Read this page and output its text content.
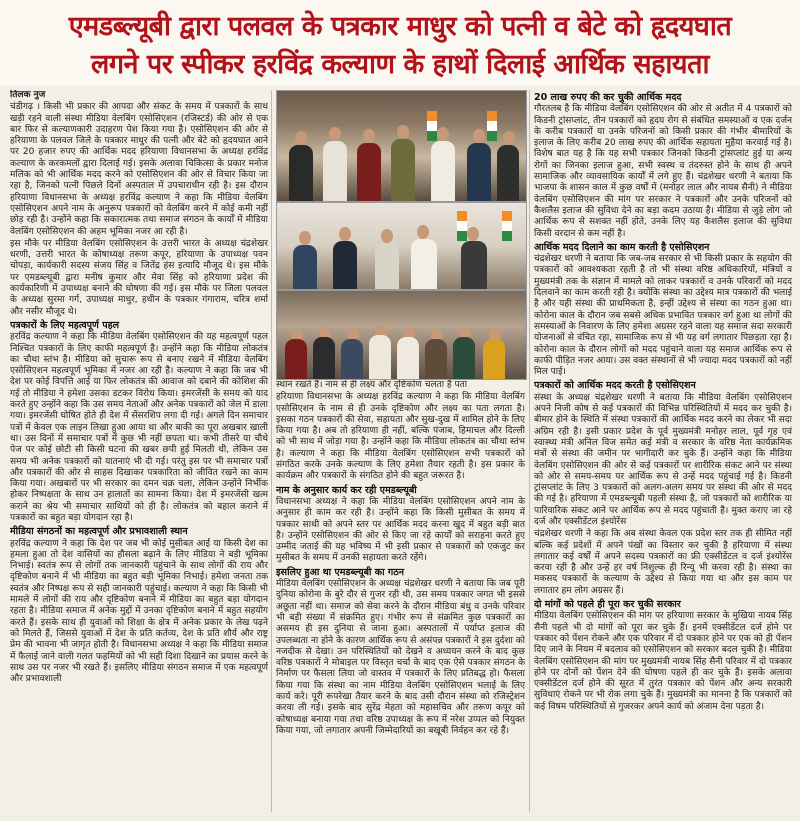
एमडब्ल्यूबी द्वारा पलवल के पत्रकार माधुर को पत्नी व बेटे को हृदयघात
लगने पर स्पीकर हरविंद्र कल्याण के हाथों दिलाई आर्थिक सहायता

तिलक नुज

चंडीगढ़ । किसी भी प्रकार की आपदा और संकट के समय में पत्रकारों के साथ खड़ी रहने वाली संस्था मीडिया वेलबिंग एसोसिएशन (रजिस्टर्ड) की ओर से एक बार फिर से कल्याणकारी उदाहरण पेश किया गया है। एसोसिएशन की ओर से हरियाणा के पलवल जिले के पत्रकार माधुर की पत्नी और बेटे को हृदयघात आने पर 20 हजार रुपए की आर्थिक मदद हरियाणा विधानसभा के अध्यक्ष हरविंद्र कल्याण के करकमलों द्वारा दिलाई गई। इसके अलावा चिकित्सा के प्रकार मनोज मलिक को भी आर्थिक मदद करने को एसोसिएशन की ओर से विचार किया जा रहा है, जिनको पत्नी पिछले दिनों अस्पताल में उपचाराधीन रही है। इस दौरान हरियाणा विधानसभा के अध्यक्ष हरविंद्र कल्याण ने कहा कि मीडिया वेलबिंग एसोसिएशन अपने नाम के अनुरूप पत्रकारों को वेलबिंग करने में कोई कमी नहीं छोड़ रही है। उन्होंने कहा कि सकारात्मक तथा समाज संगठन के कार्यों में मीडिया वेलबिंग एसोसिएशन की अहम भूमिका नजर आ रही है।

इस मौके पर मीडिया वेलबिंग एसोसिएशन के उत्तरी भारत के अध्यक्ष चंद्रशेखर धरणी, उत्तरी भारत के कोषाध्यक्ष तरूण कपूर, हरियाणा के उपाध्यक्ष पवन चोपड़ा, कार्यकारी सदस्य संजय सिंह व जितेंद्र हंस इत्यादि मौजूद थे। इस मौके पर एमडब्ल्यूबी द्वारा मनीष कुमार और मेवा सिंह को हरियाणा प्रदेश की कार्यकारिणी में उपाध्यक्ष बनाने की घोषणा की गई। इस मौके पर जिला पलवल के अध्यक्ष सुरमा गर्ग, उपाध्यक्ष माधुर, हथीन के पत्रकार गंगाराम, चरित्र शर्मा और नसीर मौजूद थे।

पत्रकारों के लिए महत्वपूर्ण पहल

हरविंद्र कल्याण ने कहा कि मीडिया वेलबिंग एसोसिएशन की यह महत्वपूर्ण पहल निश्चित पत्रकारों के लिए काफी महत्वपूर्ण है। उन्होंने कहा कि मीडिया लोकतंत्र का चौथा स्तंभ है। मीडिया को सुचारू रूप से बनाए रखने में मीडिया वेलबिंग एसोसिएशन महत्वपूर्ण भूमिका में नजर आ रही है। कल्याण ने कहा कि जब भी देश पर कोई विपत्ति आई या फिर लोकतंत्र की आवाज को दबाने की कोशिश की गई तो मीडिया ने हमेशा उसका डटकर विरोध किया। इमरजेंसी के समय को याद करते हुए उन्होंने कहा कि उस समय नेताओं और अनेक पत्रकारों को जेल में डाला गया। इमरजेंसी घोषित होते ही देश में सेंसरशिप लगा दी गई। अगले दिन समाचार पत्रों में केवल एक लाइन लिखा हुआ आया था और बाकी का पूरा अखबार खाली था। उस दिनों में समाचार पत्रों में कुछ भी नहीं छपता था। कभी तीसरे या चौथे पेज पर कोई छोटी सी किसी घटना की खबर छपी हुई मिलती थी, लेकिन उस समय भी अनेक पत्रकारों को यातनाएं भी दी गई। परंतु इस पर भी समाचार पत्रों और पत्रकारों की ओर से साहस दिखाकर पत्रकारिता को जीवित रखने का काम किया गया। अखबारों पर भी सरकार का दमन चक्र चला, लेकिन उन्होंने निर्भीक होकर निष्पक्षता के साथ उन हालातों का सामना किया। देश में इमरजेंसी खत्म कराने का श्रेय भी समाचार साथियों को ही है। लोकतंत्र को बहाल कराने में पत्रकारों का बहुत बड़ा योगदान रहा है।

मीडिया संगठनों का महत्वपूर्ण और प्रभावशाली स्थान

हरविंद्र कल्याण ने कहा कि देश पर जब भी कोई मुसीबत आई या किसी देश का हमला हुआ तो देश वासियों का हौसला बढ़ाने के लिए मीडिया ने बड़ी भूमिका निभाई। स्वतंत्र रूप से लोगों तक जानकारी पहुंचाने के साथ लोगों की राय और दृष्टिकोण बनाने में भी मीडिया का बहुत बड़ी भूमिका निभाई। हमेशा जनता तक स्वतंत्र और निष्पक्ष रूप से सही जानकारी पहुंचाई। कल्याण ने कहा कि किसी भी मामले में लोगों की राय और दृष्टिकोण बनाने में मीडिया का बहुत बड़ा योगदान रहता है। मीडिया समाज में अनेक मुद्दों में उनका दृष्टिकोण बनाने में बहुत सहयोग करते हैं। इसके साथ ही युवाओं को शिक्षा के क्षेत्र में अनेक प्रकार के लेख पढ़ने को मिलते हैं, जिससे युवाओं में देश के प्रति कर्तव्य, देश के प्रति शौर्य और राष्ट्र प्रेम की भावना भी जागृत होती है। विधानसभा अध्यक्ष ने कहा कि मीडिया समाज में फैलाई जाने वाली गलत फहमियों को भी सही दिशा दिखाने का प्रयास करने के साथ उस पर नजर भी रखते हैं। इसलिए मीडिया संगठन समाज में एक महत्वपूर्ण और प्रभावशाली

स्थान रखते हैं। नाम से ही लक्ष्य और दृष्टिकोण चलता है पता

हरियाणा विधानसभा के अध्यक्ष हरविंद्र कल्याण ने कहा कि मीडिया वेलबिंग एसोसिएशन के नाम से ही उनके दृष्टिकोण और लक्ष्य का पता लगता है। इसका गठन पत्रकारों की सेवा, सहायता और सुख-दुख में शामिल होने के लिए किया गया है। अब तो हरियाणा ही नहीं, बल्कि पंजाब, हिमाचल और दिल्ली को भी साथ में जोड़ा गया है। उन्होंने कहा कि मीडिया लोकतंत्र का चौथा स्तंभ है। कल्याण ने कहा कि मीडिया वेलबिंग एसोसिएशन सभी पत्रकारों को संगठित करके उनके कल्याण के लिए हमेशा तैयार रहती है। इस प्रकार के कार्यक्रम और पत्रकारों के संगठित होने की बहुत जरूरत है।

नाम के अनुसार कार्य कर रही एमडब्ल्यूबी

विधानसभा अध्यक्ष ने कहा कि मीडिया वेलबिंग एसोसिएशन अपने नाम के अनुसार ही काम कर रही है। उन्होंने कहा कि किसी मुसीबत के समय में पत्रकार साथी को अपने स्तर पर आर्थिक मदद करना खुद में बहुत बड़ी बात है। उन्होंने एसोसिएशन की ओर से किए जा रहे कार्यों को सराहना करते हुए उम्मीद जताई की यह भविष्य में भी इसी प्रकार से पत्रकारों को एकजुट कर मुसीबत के समय में उनकी सहायता करते रहेंगे।

इसलिए हुआ था एमडब्ल्यूबी का गठन

मीडिया वेलबिंग एसोसिएशन के अध्यक्ष चंद्रशेखर धरणी ने बताया कि जब पूरी दुनिया कोरोना के बुरे दौर से गुजर रही थी, उस समय पत्रकार जगत भी इससे अछूता नहीं था। समाज को सेवा करने के दौरान मीडिया बंधु व उनके परिवार भी बड़ी संख्या में संक्रमित हुए। गंभीर रूप से संक्रमित कुछ पत्रकारों का असमय ही इस दुनिया से जाना हुआ। अस्पतालों में पर्याप्त इलाज की उपलब्धता ना होने के कारण आर्थिक रूप से असंपन्न पत्रकारों ने इस दुर्दशा को नजदीक से देखा। उन परिस्थितियों को देखने व अध्ययन करने के बाद कुछ वरिष्ठ पत्रकारों ने मोबाइल पर विस्तृत चर्चा के बाद एक ऐसे पत्रकार संगठन के निर्माण पर फैसला लिया जो वास्तव में पत्रकारों के लिए प्रतिबद्ध हो। फैसला किया गया कि संस्था का नाम मीडिया वेलबिंग एसोसिएशन भलाई के लिए कार्य करे। पूरी रूपरेखा तैयार करने के बाद उसी दौरान संस्था को रजिस्ट्रेशन करवा ली गई। इसके बाद सुरेंद्र मेहता को महासचिव और तरूण कपूर को कोषाध्यक्ष बनाया गया तथा वरिष्ठ उपाध्यक्ष के रूप में नरेश उप्पल को नियुक्त किया गया, जो लगातार अपनी जिम्मेदारियों का बखूबी निर्वहन कर रहे हैं।

20 लाख रुपए की कर चुकी आर्थिक मदद

गौरतलब है कि मीडिया वेलबिंग एसोसिएशन की ओर से अतीत में 4 पत्रकारों को किडनी ट्रांसप्लांट, तीन पत्रकारों को हृदय रोग से संबंधित समस्याओं व एक दर्जन के करीब पत्रकारों या उनके परिजनों को किसी प्रकार की गंभीर बीमारियों के इलाज के लिए करीब 20 लाख रुपए की आर्थिक सहायता मुहैया करवाई गई है। विशेष बात यह है कि यह सभी पत्रकार जिनको किडनी ट्रांसप्लांट हुई या अन्य रोगों का जिनका इलाज हुआ, सभी स्वस्थ व तंदरुस्त होने के साथ ही अपने सामाजिक और व्यावसायिक कार्यों में लगे हुए हैं। चंद्रशेखर धरणी ने बताया कि भाजपा के शासन काल में कुछ वर्षों में (मनोहर लाल और नायब सैनी) ने मीडिया वेलबिंग एसोसिएशन की मांग पर सरकार ने पत्रकारों और उनके परिजनों को कैशलैस इलाज की सुविधा देने का बड़ा कदम उठाया है। मीडिया से जुड़े लोग जो आर्थिक रूप से सशक्त नहीं होते, उनके लिए यह कैशलैस इलाज की सुविधा किसी वरदान से कम नहीं है।

आर्थिक मदद दिलाने का काम करती है एसोसिएशन

चंद्रशेखर धरणी ने बताया कि जब-जब सरकार से भी किसी प्रकार के सहयोग की पत्रकारों को आवश्यकता रहती है तो भी संस्था वरिष्ठ अधिकारियों, मंत्रियों व मुख्यमंत्री तक के संज्ञान में मामले को लाकर पत्रकारों व उनके परिवारों को मदद दिलवाने का काम करती रही है। क्योंकि संस्था का उद्देश्य मात्र पत्रकारों की भलाई है और यही संस्था की प्राथमिकता है, इन्हीं उद्देश्य से संस्था का गठन हुआ था। कोरोना काल के दौरान जब सबसे अधिक प्रभावित पत्रकार वर्ग हुआ था लोगों की समस्याओं के निवारण के लिए हमेशा अग्रसर रहने वाला यह समाज सदा सरकारी योजनाओं से वंचित रहा, सामाजिक रूप से भी यह वर्ग लगातार पिछड़ता रहा है। कोरोना काल के दौरान लोगों को मदद पहुंचाने वाला यह समाज आर्थिक रूप से काफी पीड़ित नजर आया। उस वक्त संस्थानों से भी ज्यादा मदद पत्रकारों को नहीं मिल पाई।

पत्रकारों को आर्थिक मदद करती है एसोसिएशन

संस्था के अध्यक्ष चंद्रशेखर धरणी ने बताया कि मीडिया वेलबिंग एसोसिएशन अपने निजी कोष से कई पत्रकारों की विभिन्न परिस्थितियों में मदद कर चुकी है। बीमार होने के स्थिति में संस्था पत्रकारों की आर्थिक मदद करने का लेकर भी सदा अग्रिम रही है। इसी प्रकार प्रदेश के पूर्व मुख्यमंत्री मनोहर लाल, पूर्व गृह एवं स्वास्थ्य मंत्री अनिल विज समेत कई मंत्री व सरकार के वरिष्ठ नेता कार्यक्रमिक मंत्रों से संस्था की जमीन पर भागीदारी कर चुके हैं। उन्होंने कहा कि मीडिया वेलबिंग एसोसिएशन की ओर से कई पत्रकारों पर शारीरिक संकट आने पर संस्था को ओर से समय-समय पर आर्थिक रूप से उन्हें मदद पहुंचाई गई है। किडनी ट्रांसप्लांट के लिए 3 पत्रकारों को अलग-अलग समय पर संस्था की ओर से मदद की गई है। हरियाणा में एमडब्ल्यूबी पहली संस्था है, जो पत्रकारों को शारीरिक या पारिवारिक संकट आने पर आर्थिक रूप से मदद पहुंचाती है। मुक्त कराए जा रहे दर्ज और एक्सीडेंटल इंश्योरेंस

चंद्रशेखर धरणी ने कहा कि अब संस्था केवल एक प्रदेश स्तर तक ही सीमित नहीं बल्कि कई प्रदेशों में अपने पंखों का विस्तार कर चुकी है हरियाणा में संस्था लगातार कई वर्षों में अपने सदस्य पत्रकारों का फ्री एक्सीडेंटल व दर्ज इंश्योरेंस करवा रही है और उन्हें हर वर्ष निशुल्क ही रिन्यू भी करवा रही है। संस्था का मकसद पत्रकारों के कल्याण के उद्देश्य से किया गया था और इस काम पर लगातार हम लोग अग्रसर हैं।

दो मांगों को पहले ही पूरा कर चुकी सरकार

मीडिया वेलबिंग एसोसिएशन की मांग पर हरियाणा सरकार के मुखिया नायब सिंह सैनी पहले भी दो मांगों को पूरा कर चुके हैं। इनमें एक्सीडेंटल दर्ज होने पर पत्रकार को पेंशन रोकने और एक परिवार में दो पत्रकार होने पर एक को ही पेंशन दिए जाने के नियम में बदलाव को एसोसिएशन को सरकार बदल चुकी है। मीडिया वेलबिंग एसोसिएशन की मांग पर मुख्यमंत्री नायब सिंह सैनी परिवार में दो पत्रकार होने पर दोनों को पेंशन देने की घोषणा पहले ही कर चुके हैं। इसके अलावा एक्सीडेंटल दर्ज होने की सूरत में तुरंत पत्रकार को पेंशन और अन्य सरकारी सुविधाएं रोकने पर भी रोक लगा चुके हैं। मुख्यमंत्री का मानना है कि पत्रकारों को कई विषम परिस्थितियों से गुजरकर अपने कार्य को अंजाम देना पड़ता है।
